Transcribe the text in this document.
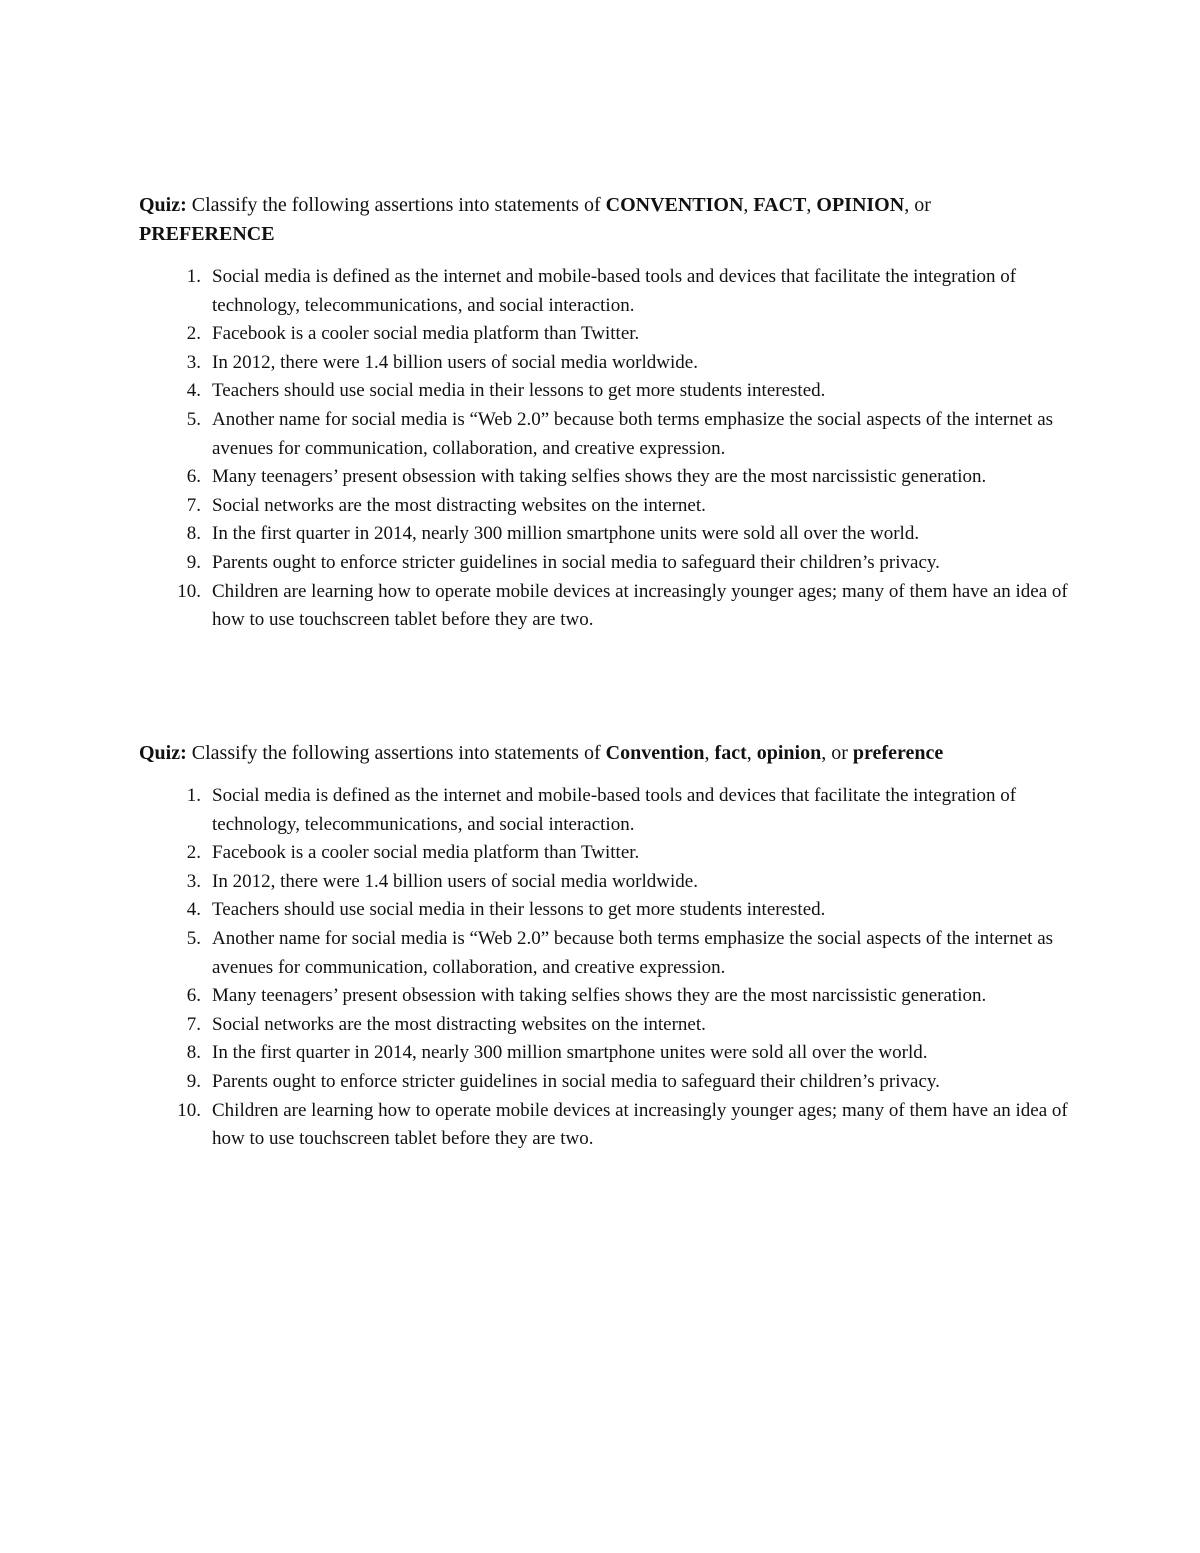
Quiz: Classify the following assertions into statements of CONVENTION, FACT, OPINION, or PREFERENCE

1. Social media is defined as the internet and mobile-based tools and devices that facilitate the integration of technology, telecommunications, and social interaction.
2. Facebook is a cooler social media platform than Twitter.
3. In 2012, there were 1.4 billion users of social media worldwide.
4. Teachers should use social media in their lessons to get more students interested.
5. Another name for social media is “Web 2.0” because both terms emphasize the social aspects of the internet as avenues for communication, collaboration, and creative expression.
6. Many teenagers’ present obsession with taking selfies shows they are the most narcissistic generation.
7. Social networks are the most distracting websites on the internet.
8. In the first quarter in 2014, nearly 300 million smartphone units were sold all over the world.
9. Parents ought to enforce stricter guidelines in social media to safeguard their children’s privacy.
10. Children are learning how to operate mobile devices at increasingly younger ages; many of them have an idea of how to use touchscreen tablet before they are two.

Quiz: Classify the following assertions into statements of Convention, fact, opinion, or preference

1. Social media is defined as the internet and mobile-based tools and devices that facilitate the integration of technology, telecommunications, and social interaction.
2. Facebook is a cooler social media platform than Twitter.
3. In 2012, there were 1.4 billion users of social media worldwide.
4. Teachers should use social media in their lessons to get more students interested.
5. Another name for social media is “Web 2.0” because both terms emphasize the social aspects of the internet as avenues for communication, collaboration, and creative expression.
6. Many teenagers’ present obsession with taking selfies shows they are the most narcissistic generation.
7. Social networks are the most distracting websites on the internet.
8. In the first quarter in 2014, nearly 300 million smartphone unites were sold all over the world.
9. Parents ought to enforce stricter guidelines in social media to safeguard their children’s privacy.
10. Children are learning how to operate mobile devices at increasingly younger ages; many of them have an idea of how to use touchscreen tablet before they are two.
